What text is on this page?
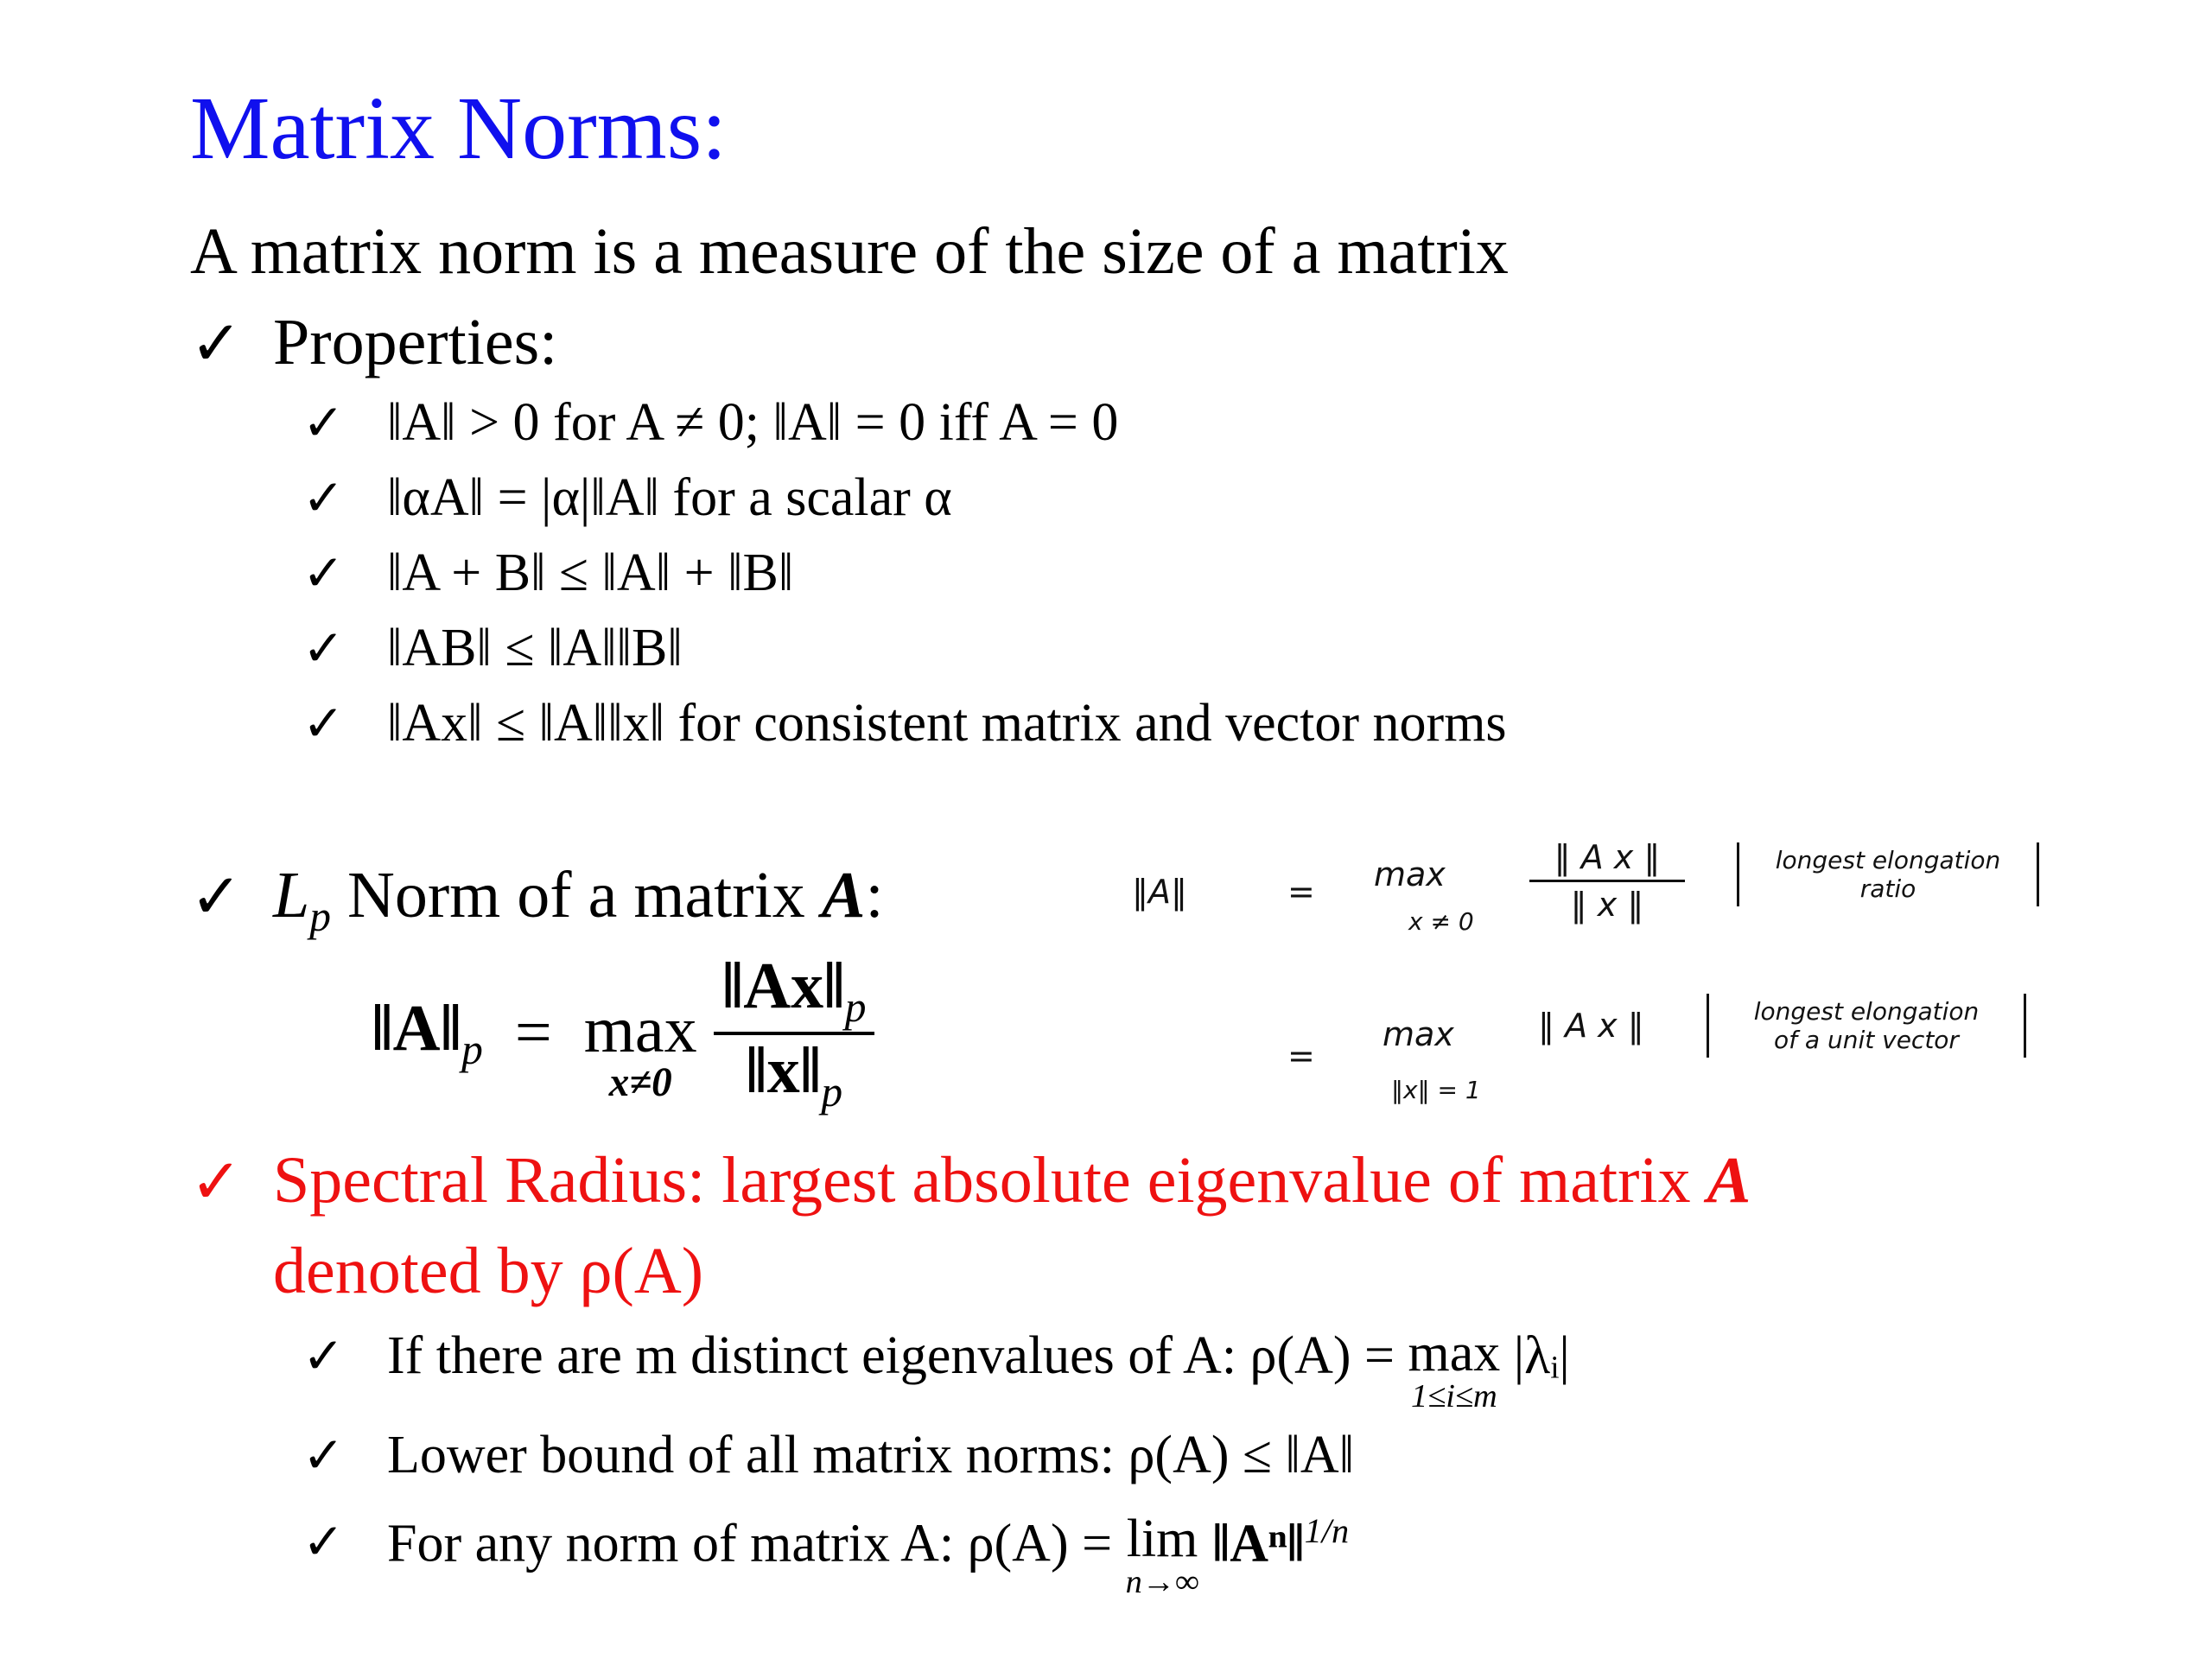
Matrix Norms:
A matrix norm is a measure of the size of a matrix
✓ Properties:
✓ ‖A‖ > 0 for A ≠ 0; ‖A‖ = 0 iff A = 0
✓ ‖αA‖ = |α|‖A‖ for a scalar α
✓ ‖A + B‖ ≤ ‖A‖ + ‖B‖
✓ ‖AB‖ ≤ ‖A‖‖B‖
✓ ‖Ax‖ ≤ ‖A‖‖x‖ for consistent matrix and vector norms
✓ $L_p$ Norm of a matrix A:
$‖A‖_p = \max$
x≠0
$\frac{‖Ax‖_p}{‖x‖_p}$
‖A‖	= max
x ≠ 0
‖ A x ‖
‖ x ‖
longest elongation ratio
=
max
‖x‖ = 1
‖ A x ‖	longest elongation
of a unit vector
✓ Spectral Radius: largest absolute eigenvalue of matrix A
denoted by ρ(A)
✓ If there are m distinct eigenvalues of A: ρ(A) = max
1≤i≤m
|λᵢ|
✓ Lower bound of all matrix norms: ρ(A) ≤ ‖A‖
✓ For any norm of matrix A: ρ(A) = lim
n→∞
‖Aⁿ‖$^{1/n}$
